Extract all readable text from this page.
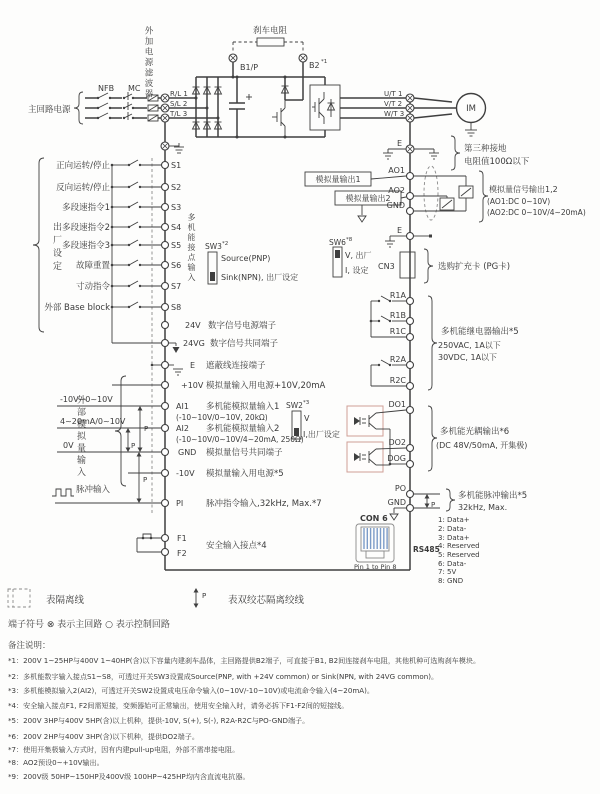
刹车电阻
B1/P	B2 *1
主回路电源
NFB MC
R/L 1
S/L 2
T/L 3
U/T 1
V/T 2
W/T 3	IM
E
第三种接地
电阻值100Ω以下
正向运转/停止	S1
反向运转/停止	S2
多段速指令1	S3
多段速指令2	S4
多段速指令3	S5
故障重置	S6
寸动指令	S7
外部 Base block	S8
SW3 *2
Source(PNP)
Sink(NPN), 出厂设定
24V 数字信号电源端子
24VG 数字信号共同端子
E 遮蔽线连接端子
+10V 模拟量输入用电源+10V,20mA
-10V~0~10V
AI1 多机能模拟量输入1
(-10~10V/0~10V, 20kΩ)
4~20mA/0~10V
AI2 多机能模拟量输入2
(-10~10V/0~10V/4~20mA, 250Ω)
0V
GND 模拟量信号共同端子
SW2 *3
V
I,出厂设定
-10V 模拟量输入用电源*5
脉冲输入
PI	脉冲指令输入,32kHz, Max.*7
F1
F2
安全输入接点*4
P
P
P
模拟量输出1
模拟量输出2
AO1
AO2
GND
E
模拟量信号输出1,2
(AO1:DC 0~10V)
(AO2:DC 0~10V/4~20mA)
SW6 *8
V, 出厂
I, 设定 CN3	选购扩充卡 (PG卡)
R1A
R1B
R1C
R2A
R2C
多机能继电器输出*5
250VAC, 1A以下
30VDC, 1A以下
DO1
DO2
DOG
多机能光耦输出*6
(DC 48V/50mA, 开集极)
PO
GND	P
多机能脉冲输出*5
32kHz, Max.
CON 6
Pin 1 to Pin 8
RS485
1: Data+
2: Data-
3: Data+
4: Reserved
5: Reserved
6: Data-
7: 5V
8: GND
表隔离线	P 表双绞芯隔离绞线
端子符号 ⊗ 表示主回路 ○ 表示控制回路
备注说明：
*1：200V 1~25HP与400V 1~40HP(含)以下容量内建刹车晶体，主回路提供B2端子，可直接于B1, B2间连接刹车电阻，其他机种可选购刹车模块。
*2：多机能数字输入接点S1~S8，可透过开关SW3设置成Source(PNP, with +24V common) or Sink(NPN, with 24VG common)。
*3：多机能模拟输入2(AI2)，可透过开关SW2设置成电压命令输入(0~10V/-10~10V)或电流命令输入(4~20mA)。
*4：安全输入接点F1, F2间需短接，变频器始可正常输出，使用安全输入时，请务必拆下F1-F2间的短接线。
*5：200V 3HP与400V 5HP(含)以上机种，提供-10V, S(+), S(-), R2A-R2C与PO-GND端子。
*6：200V 2HP与400V 3HP(含)以下机种，提供DO2端子。
*7：使用开集极输入方式时，因有内建pull-up电阻，外部不需串接电阻。
*8：AO2预设0~+10V输出。
*9：200V级 50HP~150HP及400V级 100HP~425HP均内含直流电抗器。
外加电源滤波器
出厂设定	多机能接点输入
外部模拟量输入
